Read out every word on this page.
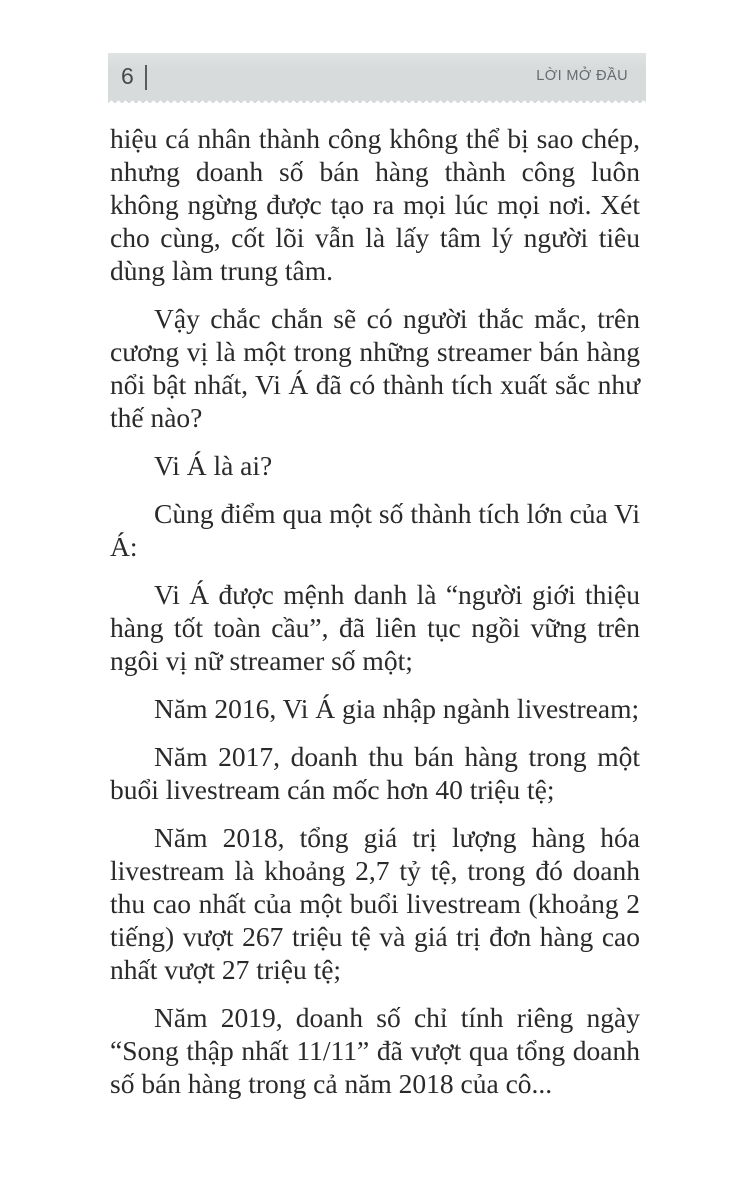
6	LỜI MỞ ĐẦU

hiệu cá nhân thành công không thể bị sao chép, nhưng doanh số bán hàng thành công luôn không ngừng được tạo ra mọi lúc mọi nơi. Xét cho cùng, cốt lõi vẫn là lấy tâm lý người tiêu dùng làm trung tâm.

Vậy chắc chắn sẽ có người thắc mắc, trên cương vị là một trong những streamer bán hàng nổi bật nhất, Vi Á đã có thành tích xuất sắc như thế nào?

Vi Á là ai?

Cùng điểm qua một số thành tích lớn của Vi Á:

Vi Á được mệnh danh là “người giới thiệu hàng tốt toàn cầu”, đã liên tục ngồi vững trên ngôi vị nữ streamer số một;

Năm 2016, Vi Á gia nhập ngành livestream;

Năm 2017, doanh thu bán hàng trong một buổi livestream cán mốc hơn 40 triệu tệ;

Năm 2018, tổng giá trị lượng hàng hóa livestream là khoảng 2,7 tỷ tệ, trong đó doanh thu cao nhất của một buổi livestream (khoảng 2 tiếng) vượt 267 triệu tệ và giá trị đơn hàng cao nhất vượt 27 triệu tệ;

Năm 2019, doanh số chỉ tính riêng ngày “Song thập nhất 11/11” đã vượt qua tổng doanh số bán hàng trong cả năm 2018 của cô...
